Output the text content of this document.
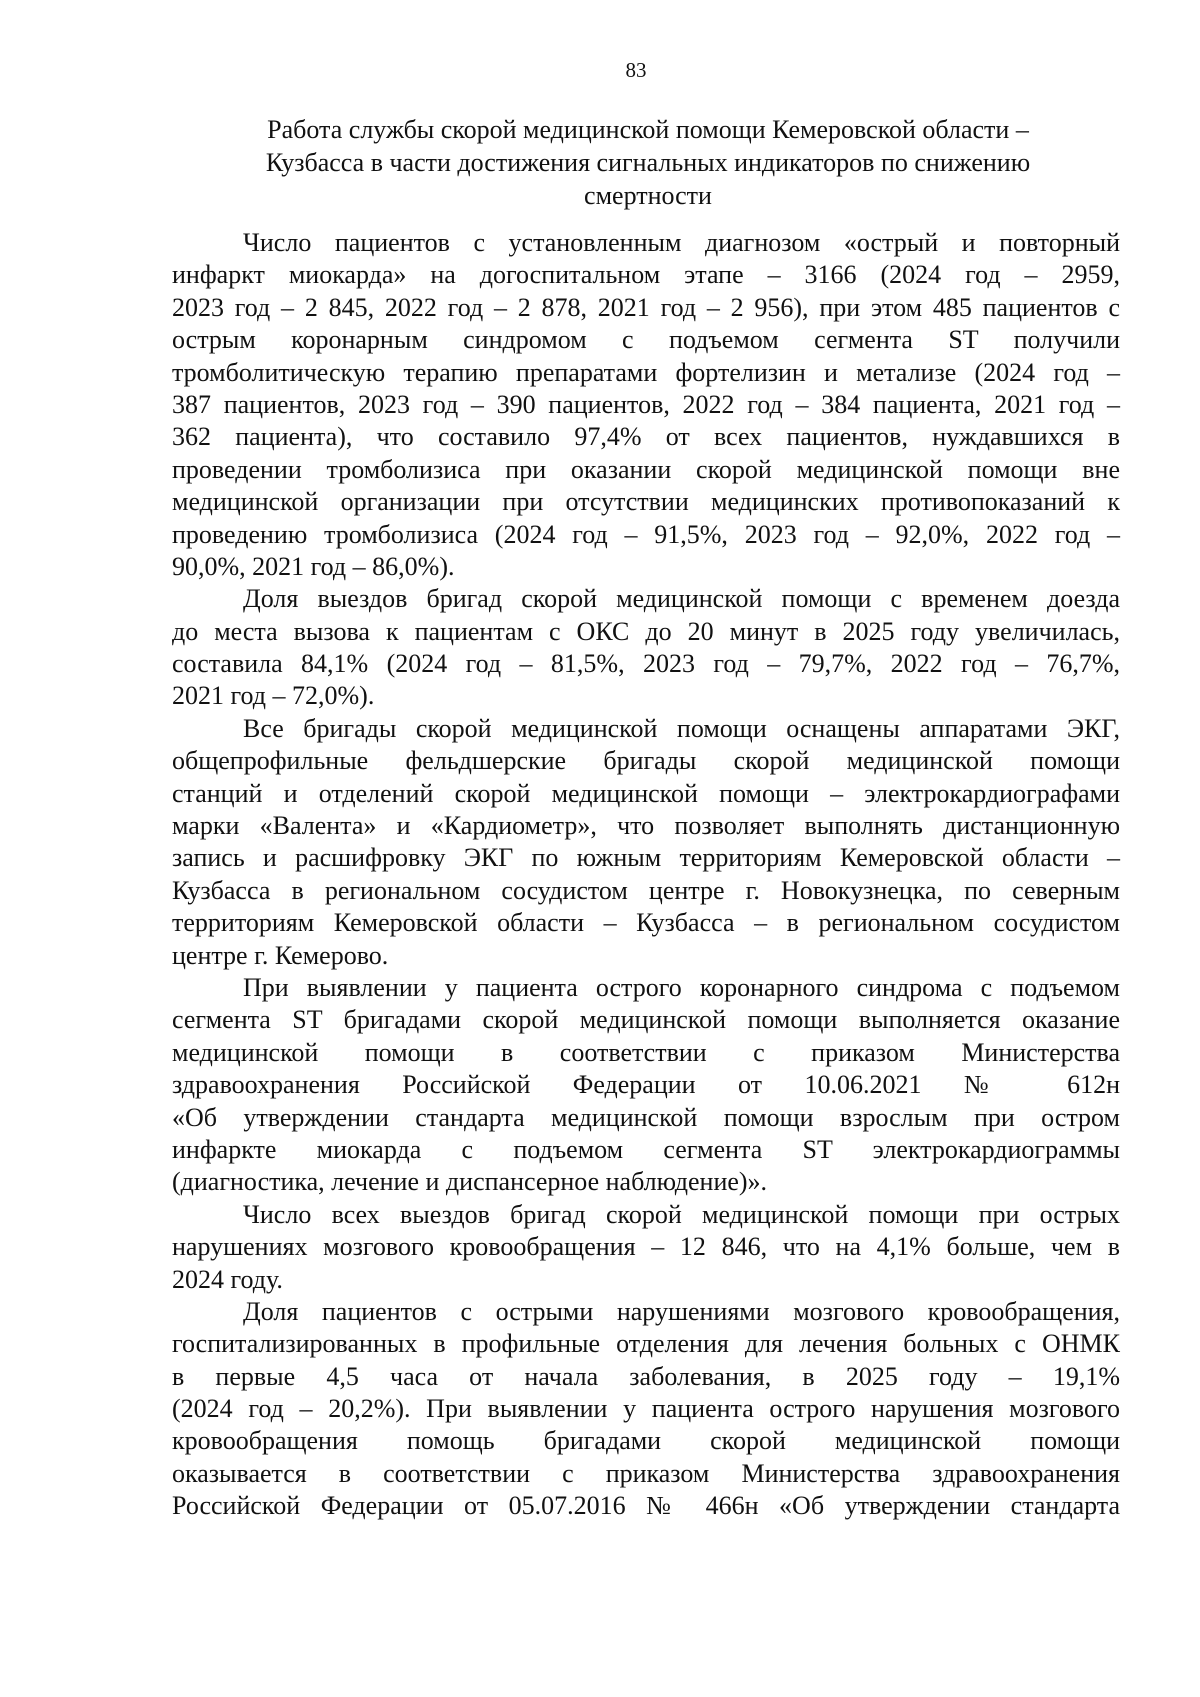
83
Работа службы скорой медицинской помощи Кемеровской области –
Кузбасса в части достижения сигнальных индикаторов по снижению
смертности
Число пациентов с установленным диагнозом «острый и повторный
инфаркт миокарда» на догоспитальном этапе – 3166 (2024 год – 2959,
2023 год – 2 845, 2022 год – 2 878, 2021 год – 2 956), при этом 485 пациентов с
острым коронарным синдромом с подъемом сегмента ST получили
тромболитическую терапию препаратами фортелизин и метализе (2024 год –
387 пациентов, 2023 год – 390 пациентов, 2022 год – 384 пациента, 2021 год –
362 пациента), что составило 97,4% от всех пациентов, нуждавшихся в
проведении тромболизиса при оказании скорой медицинской помощи вне
медицинской организации при отсутствии медицинских противопоказаний к
проведению тромболизиса (2024 год – 91,5%, 2023 год – 92,0%, 2022 год –
90,0%, 2021 год – 86,0%).
Доля выездов бригад скорой медицинской помощи с временем доезда
до места вызова к пациентам с ОКС до 20 минут в 2025 году увеличилась,
составила 84,1% (2024 год – 81,5%, 2023 год – 79,7%, 2022 год – 76,7%,
2021 год – 72,0%).
Все бригады скорой медицинской помощи оснащены аппаратами ЭКГ,
общепрофильные фельдшерские бригады скорой медицинской помощи
станций и отделений скорой медицинской помощи – электрокардиографами
марки «Валента» и «Кардиометр», что позволяет выполнять дистанционную
запись и расшифровку ЭКГ по южным территориям Кемеровской области –
Кузбасса в региональном сосудистом центре г. Новокузнецка, по северным
территориям Кемеровской области – Кузбасса – в региональном сосудистом
центре г. Кемерово.
При выявлении у пациента острого коронарного синдрома с подъемом
сегмента ST бригадами скорой медицинской помощи выполняется оказание
медицинской помощи в соответствии с приказом Министерства
здравоохранения Российской Федерации от 10.06.2021 № 612н
«Об утверждении стандарта медицинской помощи взрослым при остром
инфаркте миокарда с подъемом сегмента ST электрокардиограммы
(диагностика, лечение и диспансерное наблюдение)».
Число всех выездов бригад скорой медицинской помощи при острых
нарушениях мозгового кровообращения – 12 846, что на 4,1% больше, чем в
2024 году.
Доля пациентов с острыми нарушениями мозгового кровообращения,
госпитализированных в профильные отделения для лечения больных с ОНМК
в первые 4,5 часа от начала заболевания, в 2025 году – 19,1%
(2024 год – 20,2%). При выявлении у пациента острого нарушения мозгового
кровообращения помощь бригадами скорой медицинской помощи
оказывается в соответствии с приказом Министерства здравоохранения
Российской Федерации от 05.07.2016 № 466н «Об утверждении стандарта
